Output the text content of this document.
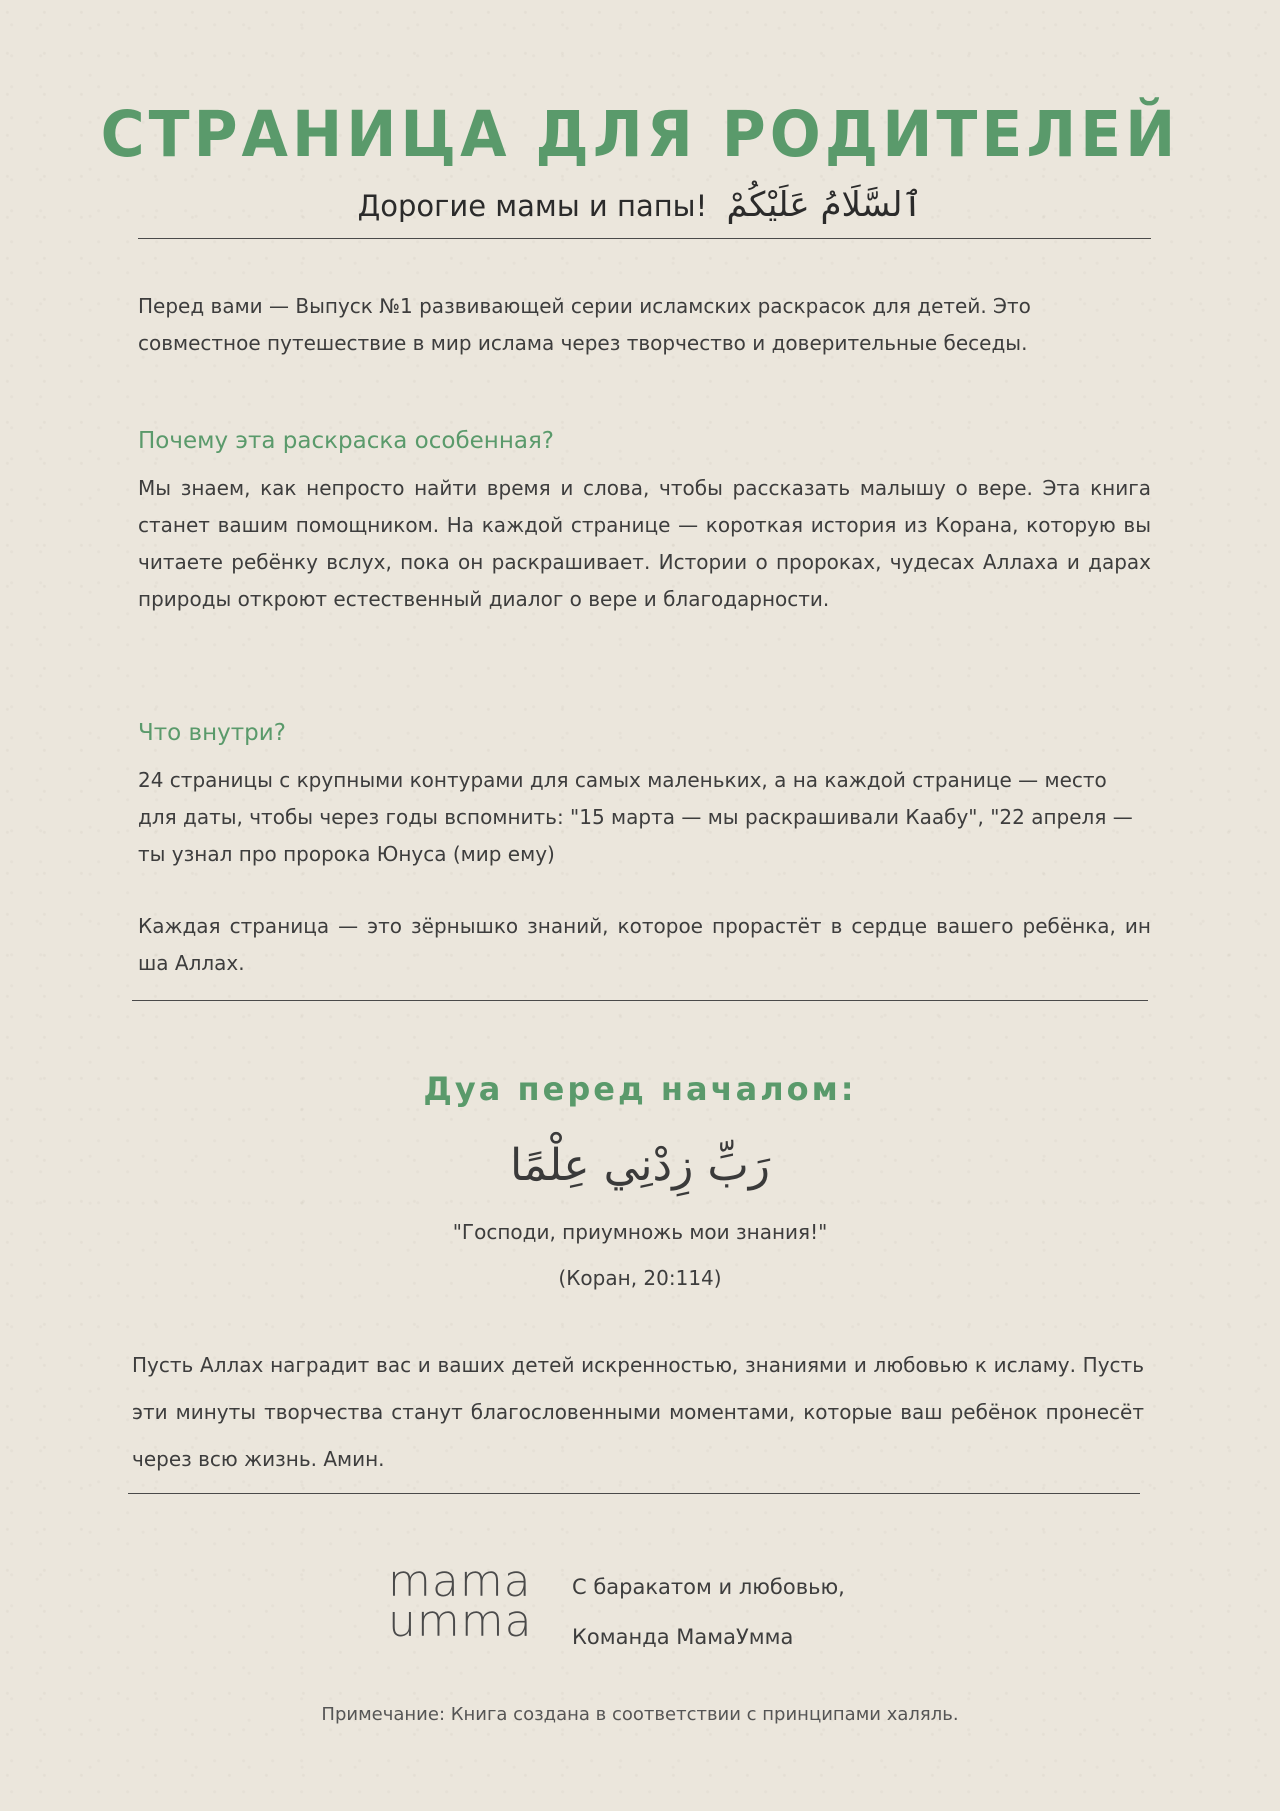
СТРАНИЦА ДЛЯ РОДИТЕЛЕЙ
Дорогие мамы и папы! ٱلسَّلَامُ عَلَيْكُمْ
Перед вами — Выпуск №1 развивающей серии исламских раскрасок для детей. Это совместное путешествие в мир ислама через творчество и доверительные беседы.
Почему эта раскраска особенная?
Мы знаем, как непросто найти время и слова, чтобы рассказать малышу о вере. Эта книга станет вашим помощником. На каждой странице — короткая история из Корана, которую вы читаете ребёнку вслух, пока он раскрашивает. Истории о пророках, чудесах Аллаха и дарах природы откроют естественный диалог о вере и благодарности.
Что внутри?
24 страницы с крупными контурами для самых маленьких, а на каждой странице — место для даты, чтобы через годы вспомнить: "15 марта — мы раскрашивали Каабу", "22 апреля — ты узнал про пророка Юнуса (мир ему)
Каждая страница — это зёрнышко знаний, которое прорастёт в сердце вашего ребёнка, ин ша Аллах.
Дуа перед началом:
رَبِّ زِدْنِي عِلْمًا
"Господи, приумножь мои знания!"
(Коран, 20:114)
Пусть Аллах наградит вас и ваших детей искренностью, знаниями и любовью к исламу. Пусть эти минуты творчества станут благословенными моментами, которые ваш ребёнок пронесёт через всю жизнь. Амин.
mama
umma
С баракатом и любовью,
Команда МамаУмма
Примечание: Книга создана в соответствии с принципами халяль.
